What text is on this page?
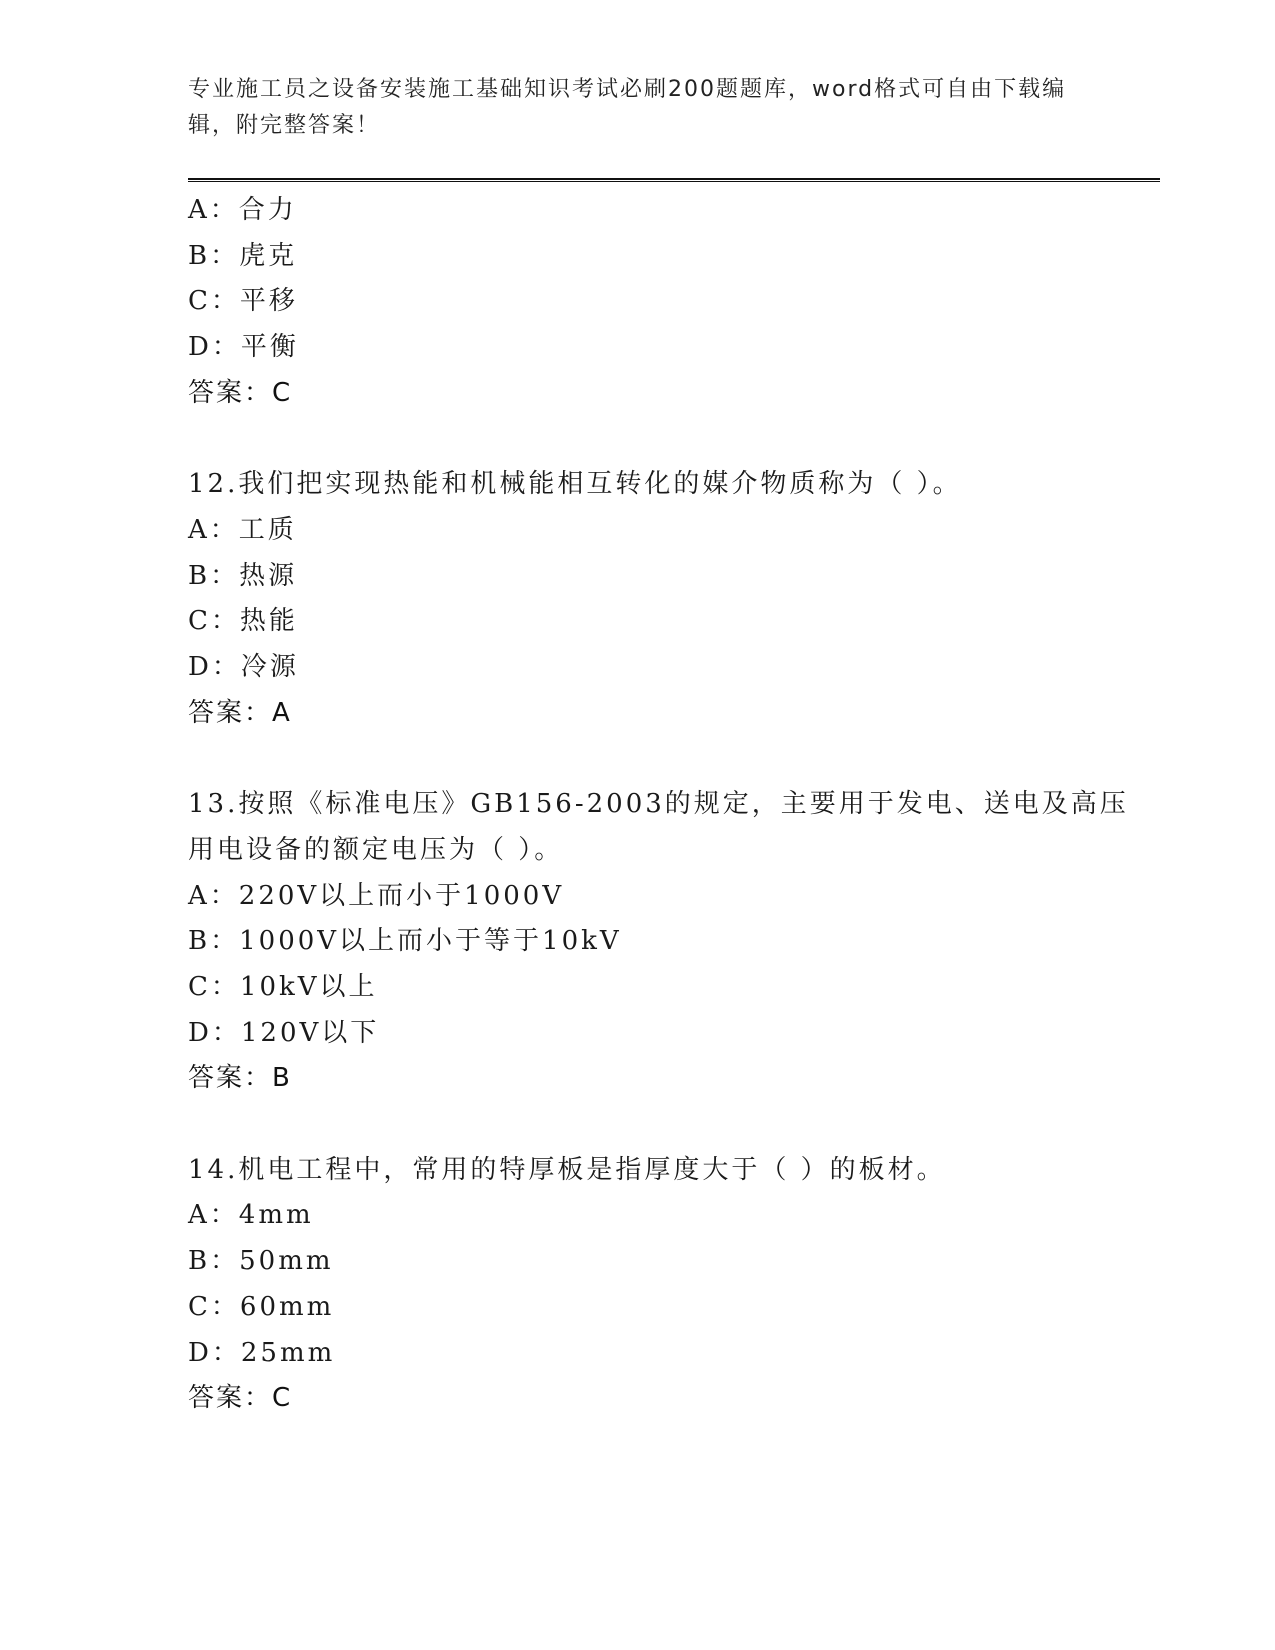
专业施工员之设备安装施工基础知识考试必刷200题题库，word格式可自由下载编辑，附完整答案！
A：合力
B：虎克
C：平移
D：平衡
答案：C
12.我们把实现热能和机械能相互转化的媒介物质称为（ ）。
A：工质
B：热源
C：热能
D：冷源
答案：A
13.按照《标准电压》GB156-2003的规定，主要用于发电、送电及高压
用电设备的额定电压为（ ）。
A：220V以上而小于1000V
B：1000V以上而小于等于10kV
C：10kV以上
D：120V以下
答案：B
14.机电工程中，常用的特厚板是指厚度大于（ ）的板材。
A：4mm
B：50mm
C：60mm
D：25mm
答案：C
